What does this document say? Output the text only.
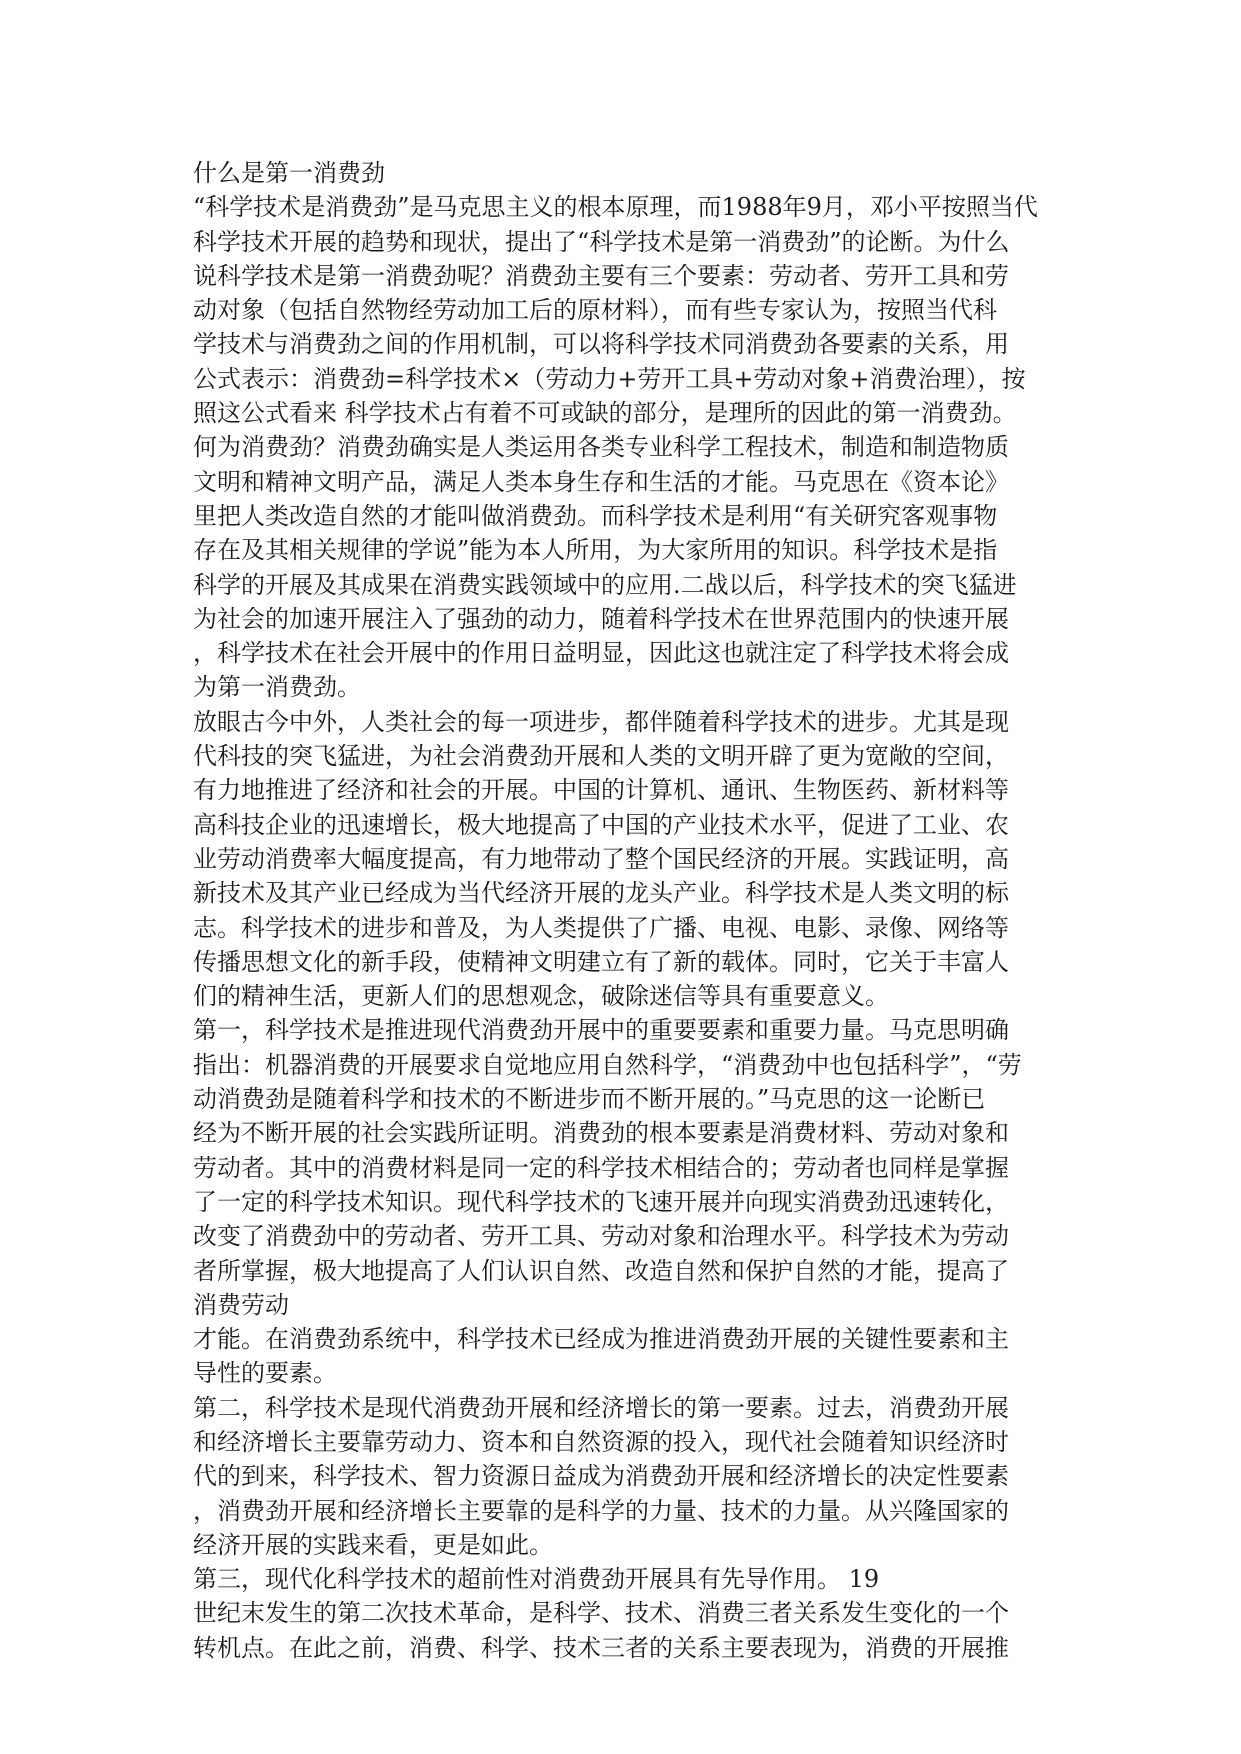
什么是第一消费劲
“科学技术是消费劲”是马克思主义的根本原理，而1988年9月，邓小平按照当代
科学技术开展的趋势和现状，提出了“科学技术是第一消费劲”的论断。为什么
说科学技术是第一消费劲呢？消费劲主要有三个要素：劳动者、劳开工具和劳
动对象（包括自然物经劳动加工后的原材料），而有些专家认为，按照当代科
学技术与消费劲之间的作用机制，可以将科学技术同消费劲各要素的关系，用
公式表示：消费劲=科学技术×（劳动力+劳开工具+劳动对象+消费治理），按
照这公式看来 科学技术占有着不可或缺的部分，是理所的因此的第一消费劲。
何为消费劲？消费劲确实是人类运用各类专业科学工程技术，制造和制造物质
文明和精神文明产品，满足人类本身生存和生活的才能。马克思在《资本论》
里把人类改造自然的才能叫做消费劲。而科学技术是利用“有关研究客观事物
存在及其相关规律的学说”能为本人所用，为大家所用的知识。科学技术是指
科学的开展及其成果在消费实践领域中的应用.二战以后，科学技术的突飞猛进
为社会的加速开展注入了强劲的动力，随着科学技术在世界范围内的快速开展
，科学技术在社会开展中的作用日益明显，因此这也就注定了科学技术将会成
为第一消费劲。
放眼古今中外，人类社会的每一项进步，都伴随着科学技术的进步。尤其是现
代科技的突飞猛进，为社会消费劲开展和人类的文明开辟了更为宽敞的空间，
有力地推进了经济和社会的开展。中国的计算机、通讯、生物医药、新材料等
高科技企业的迅速增长，极大地提高了中国的产业技术水平，促进了工业、农
业劳动消费率大幅度提高，有力地带动了整个国民经济的开展。实践证明，高
新技术及其产业已经成为当代经济开展的龙头产业。科学技术是人类文明的标
志。科学技术的进步和普及，为人类提供了广播、电视、电影、录像、网络等
传播思想文化的新手段，使精神文明建立有了新的载体。同时，它关于丰富人
们的精神生活，更新人们的思想观念，破除迷信等具有重要意义。
第一，科学技术是推进现代消费劲开展中的重要要素和重要力量。马克思明确
指出：机器消费的开展要求自觉地应用自然科学，“消费劲中也包括科学”，“劳
动消费劲是随着科学和技术的不断进步而不断开展的。”马克思的这一论断已
经为不断开展的社会实践所证明。消费劲的根本要素是消费材料、劳动对象和
劳动者。其中的消费材料是同一定的科学技术相结合的；劳动者也同样是掌握
了一定的科学技术知识。现代科学技术的飞速开展并向现实消费劲迅速转化，
改变了消费劲中的劳动者、劳开工具、劳动对象和治理水平。科学技术为劳动
者所掌握，极大地提高了人们认识自然、改造自然和保护自然的才能，提高了
消费劳动
才能。在消费劲系统中，科学技术已经成为推进消费劲开展的关键性要素和主
导性的要素。
第二，科学技术是现代消费劲开展和经济增长的第一要素。过去，消费劲开展
和经济增长主要靠劳动力、资本和自然资源的投入，现代社会随着知识经济时
代的到来，科学技术、智力资源日益成为消费劲开展和经济增长的决定性要素
，消费劲开展和经济增长主要靠的是科学的力量、技术的力量。从兴隆国家的
经济开展的实践来看，更是如此。
第三，现代化科学技术的超前性对消费劲开展具有先导作用。 19
世纪末发生的第二次技术革命，是科学、技术、消费三者关系发生变化的一个
转机点。在此之前，消费、科学、技术三者的关系主要表现为，消费的开展推
